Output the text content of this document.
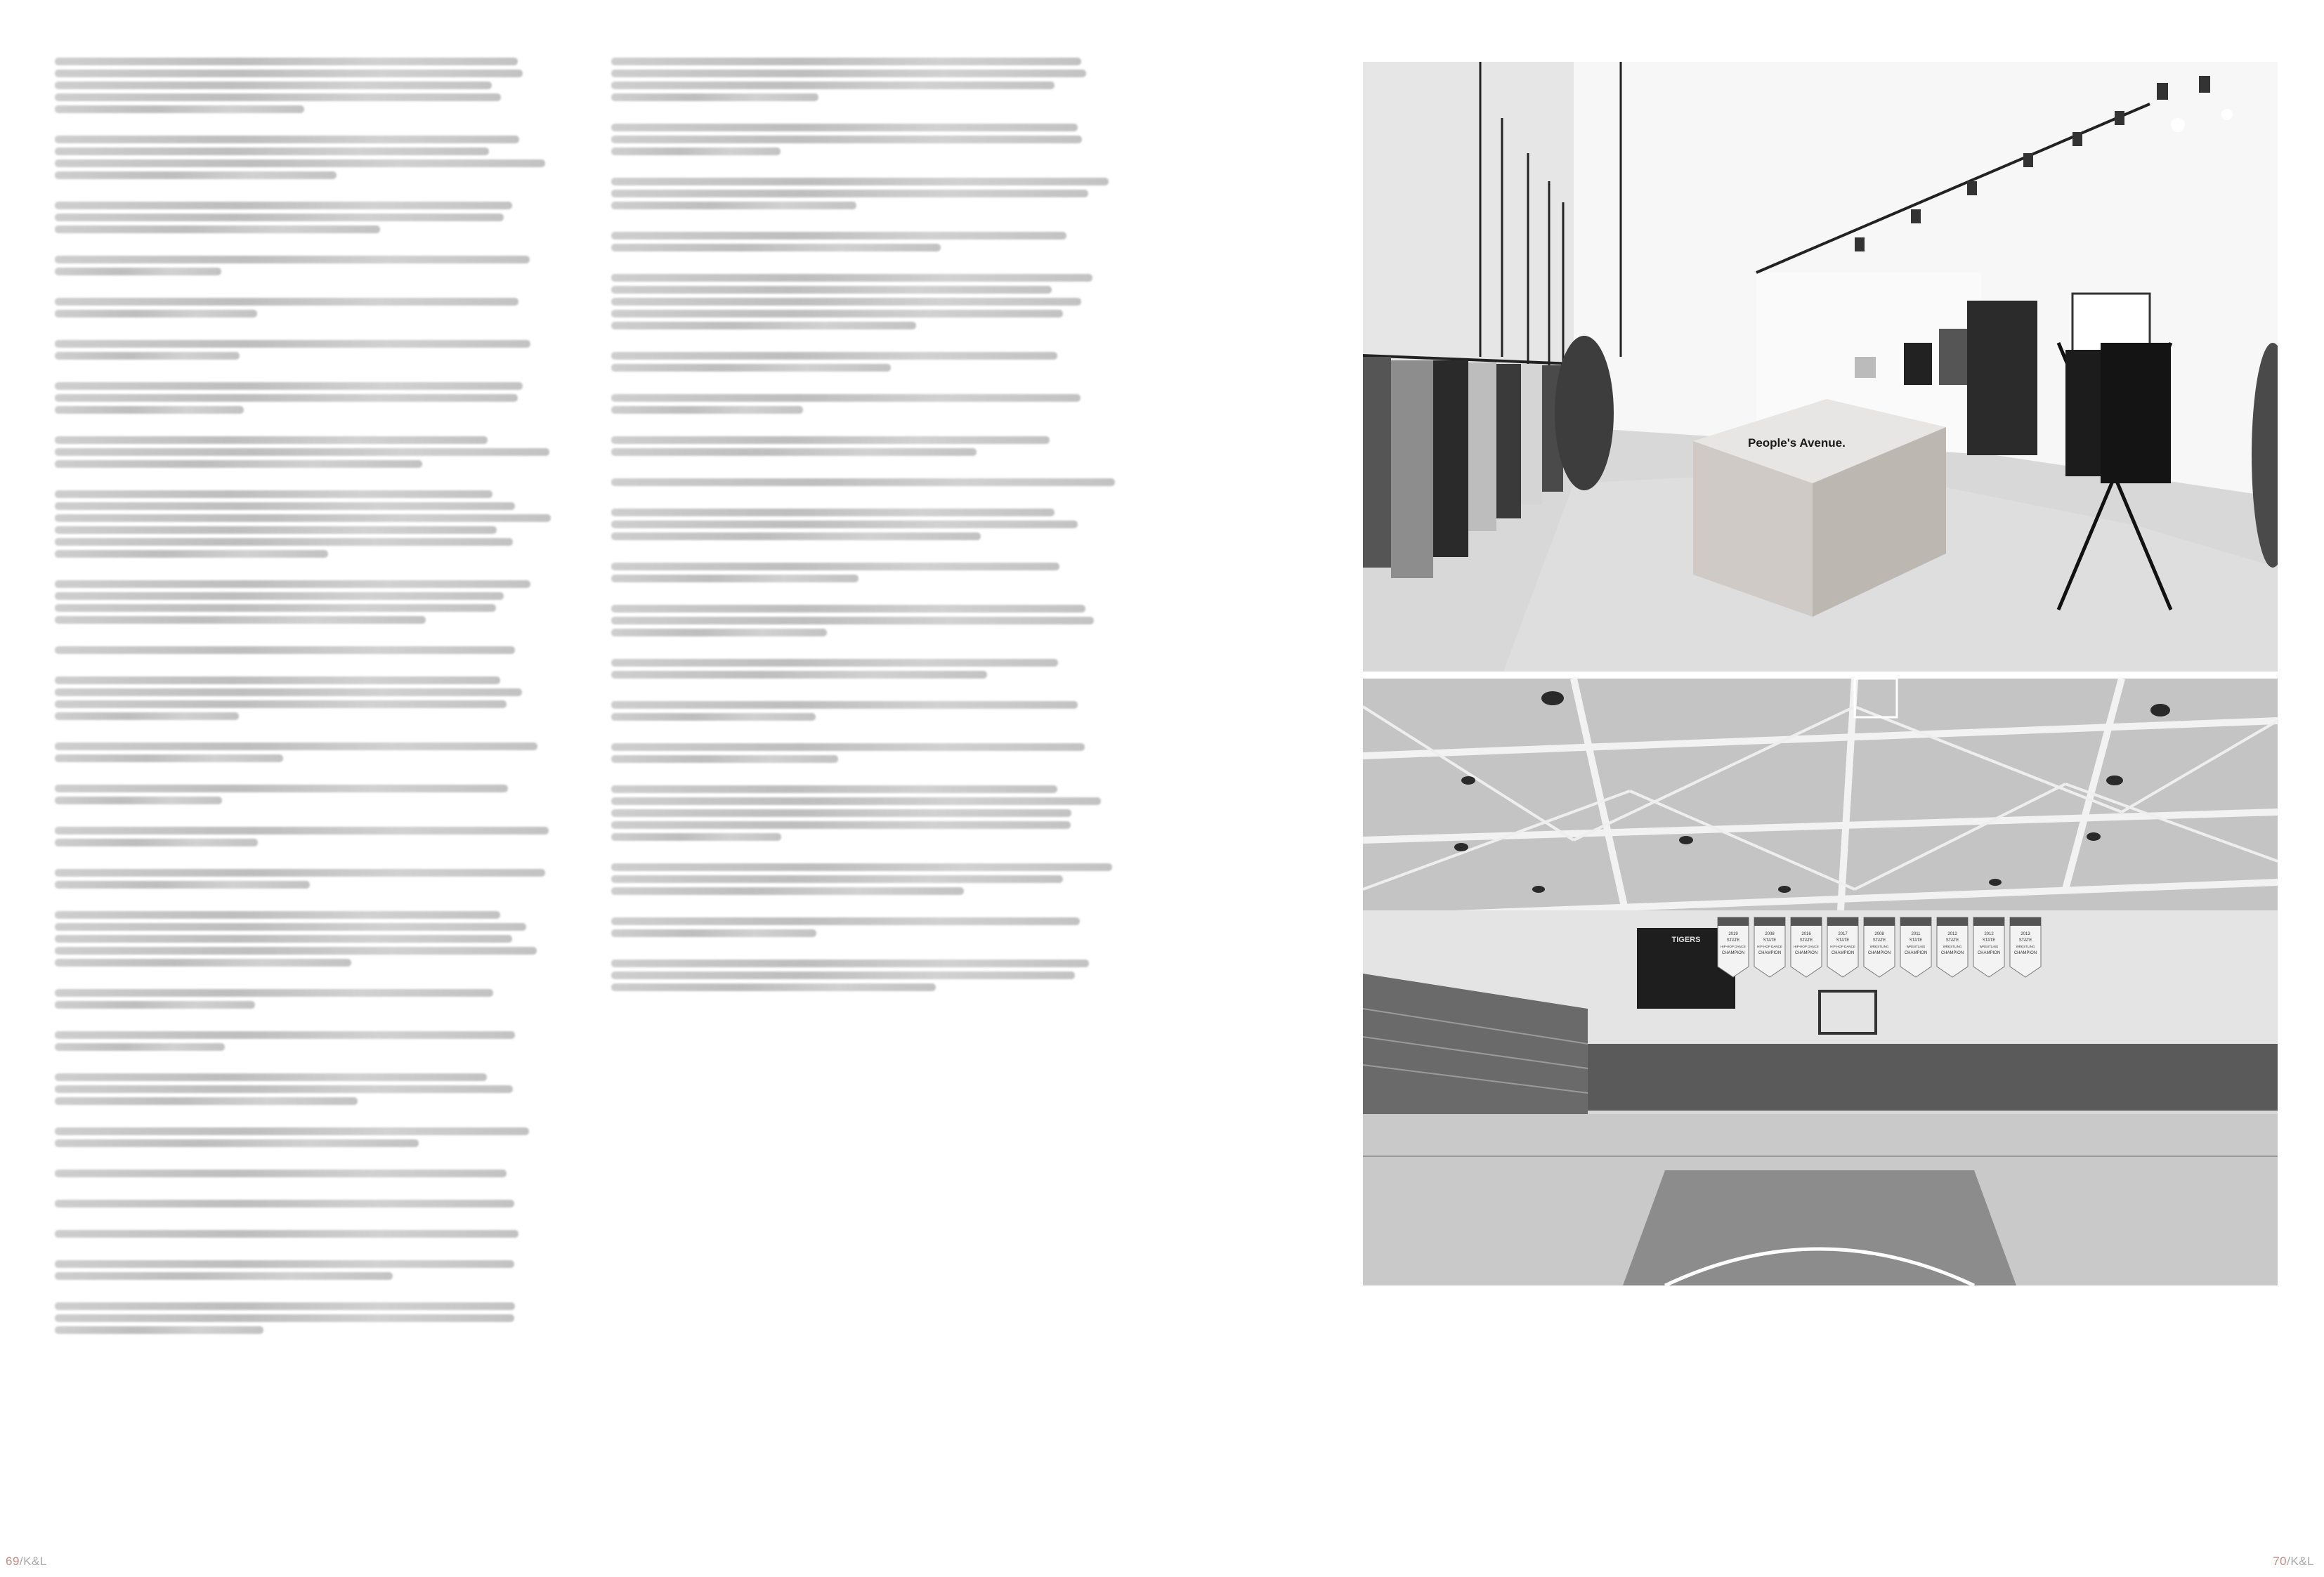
People's Avenue.
TIGERS
2019
STATE
HIP-HOP DANCE
CHAMPION
2008
STATE
HIP-HOP DANCE
CHAMPION
2016
STATE
HIP-HOP DANCE
CHAMPION
2017
STATE
HIP-HOP DANCE
CHAMPION
2008
STATE
WRESTLING
CHAMPION
2011
STATE
WRESTLING
CHAMPION
2012
STATE
WRESTLING
CHAMPION
2012
STATE
WRESTLING
CHAMPION
2013
STATE
WRESTLING
CHAMPION
69/K&L	70/K&L
